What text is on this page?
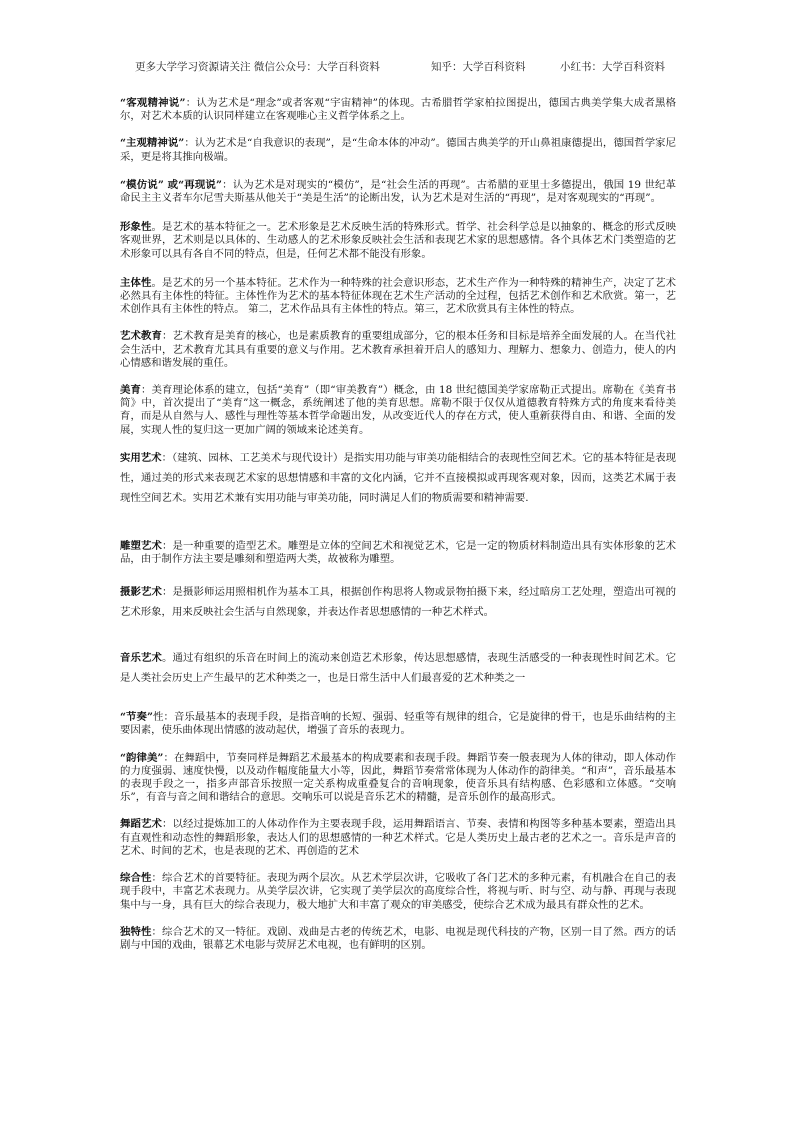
更多大学学习资源请关注 微信公众号：大学百科资料	知乎：大学百科资料	小红书：大学百科资料

“客观精神说”：认为艺术是“理念”或者客观“宇宙精神”的体现。古希腊哲学家柏拉图提出，德国古典美学集大成者黑格尔，对艺术本质的认识同样建立在客观唯心主义哲学体系之上。

“主观精神说”：认为艺术是“自我意识的表现”，是“生命本体的冲动”。德国古典美学的开山鼻祖康德提出，德国哲学家尼采，更是将其推向极端。

“模仿说” 或“再现说”：认为艺术是对现实的“模仿”，是“社会生活的再现”。古希腊的亚里士多德提出，俄国 19 世纪革命民主主义者车尔尼雪夫斯基从他关于“美是生活”的论断出发，认为艺术是对生活的“再现”，是对客观现实的“再现”。

形象性。是艺术的基本特征之一。艺术形象是艺术反映生活的特殊形式。哲学、社会科学总是以抽象的、概念的形式反映客观世界，艺术则是以具体的、生动感人的艺术形象反映社会生活和表现艺术家的思想感情。各个具体艺术门类塑造的艺术形象可以具有各自不同的特点，但是，任何艺术都不能没有形象。

主体性。是艺术的另一个基本特征。艺术作为一种特殊的社会意识形态，艺术生产作为一种特殊的精神生产，决定了艺术必然具有主体性的特征。主体性作为艺术的基本特征体现在艺术生产活动的全过程，包括艺术创作和艺术欣赏。第一，艺术创作具有主体性的特点。 第二，艺术作品具有主体性的特点。第三，艺术欣赏具有主体性的特点。

艺术教育：艺术教育是美育的核心，也是素质教育的重要组成部分，它的根本任务和目标是培养全面发展的人。在当代社会生活中，艺术教育尤其具有重要的意义与作用。艺术教育承担着开启人的感知力、理解力、想象力、创造力，使人的内心情感和谐发展的重任。

美育：美育理论体系的建立，包括“美育”（即“审美教育”）概念，由 18 世纪德国美学家席勒正式提出。席勒在《美育书简》中，首次提出了“美育”这一概念，系统阐述了他的美育思想。席勒不限于仅仅从道德教育特殊方式的角度来看待美育，而是从自然与人、感性与理性等基本哲学命题出发，从改变近代人的存在方式，使人重新获得自由、和谐、全面的发展，实现人性的复归这一更加广阔的领域来论述美育。

实用艺术：（建筑、园林、工艺美术与现代设计）是指实用功能与审美功能相结合的表现性空间艺术。它的基本特征是表现性，通过美的形式来表现艺术家的思想情感和丰富的文化内涵，它并不直接模拟或再现客观对象，因而，这类艺术属于表现性空间艺术。实用艺术兼有实用功能与审美功能，同时满足人们的物质需要和精神需要.

雕塑艺术：是一种重要的造型艺术。雕塑是立体的空间艺术和视觉艺术，它是一定的物质材料制造出具有实体形象的艺术品，由于制作方法主要是雕刻和塑造两大类，故被称为雕塑。

摄影艺术：是摄影师运用照相机作为基本工具，根据创作构思将人物或景物拍摄下来，经过暗房工艺处理，塑造出可视的艺术形象，用来反映社会生活与自然现象，并表达作者思想感情的一种艺术样式。

音乐艺术。通过有组织的乐音在时间上的流动来创造艺术形象，传达思想感情，表现生活感受的一种表现性时间艺术。它是人类社会历史上产生最早的艺术种类之一，也是日常生活中人们最喜爱的艺术种类之一

“节奏”性：音乐最基本的表现手段，是指音响的长短、强弱、轻重等有规律的组合，它是旋律的骨干，也是乐曲结构的主要因素，使乐曲体现出情感的波动起伏，增强了音乐的表现力。

“韵律美”：在舞蹈中，节奏同样是舞蹈艺术最基本的构成要素和表现手段。舞蹈节奏一般表现为人体的律动，即人体动作的力度强弱、速度快慢，以及动作幅度能量大小等，因此，舞蹈节奏常常体现为人体动作的韵律美。“和声”，音乐最基本的表现手段之一，指多声部音乐按照一定关系构成重叠复合的音响现象，使音乐具有结构感、色彩感和立体感。“交响乐”，有音与音之间和谐结合的意思。交响乐可以说是音乐艺术的精髓，是音乐创作的最高形式。

舞蹈艺术：以经过提炼加工的人体动作作为主要表现手段，运用舞蹈语言、节奏、表情和构图等多种基本要素，塑造出具有直观性和动态性的舞蹈形象，表达人们的思想感情的一种艺术样式。它是人类历史上最古老的艺术之一。音乐是声音的艺术、时间的艺术，也是表现的艺术、再创造的艺术

综合性：综合艺术的首要特征。表现为两个层次。从艺术学层次讲，它吸收了各门艺术的多种元素，有机融合在自己的表现手段中，丰富艺术表现力。从美学层次讲，它实现了美学层次的高度综合性，将视与听、时与空、动与静、再现与表现集中与一身，具有巨大的综合表现力，极大地扩大和丰富了观众的审美感受，使综合艺术成为最具有群众性的艺术。

独特性：综合艺术的又一特征。戏剧、戏曲是古老的传统艺术，电影、电视是现代科技的产物，区别一目了然。西方的话剧与中国的戏曲，银幕艺术电影与荧屏艺术电视，也有鲜明的区别。
